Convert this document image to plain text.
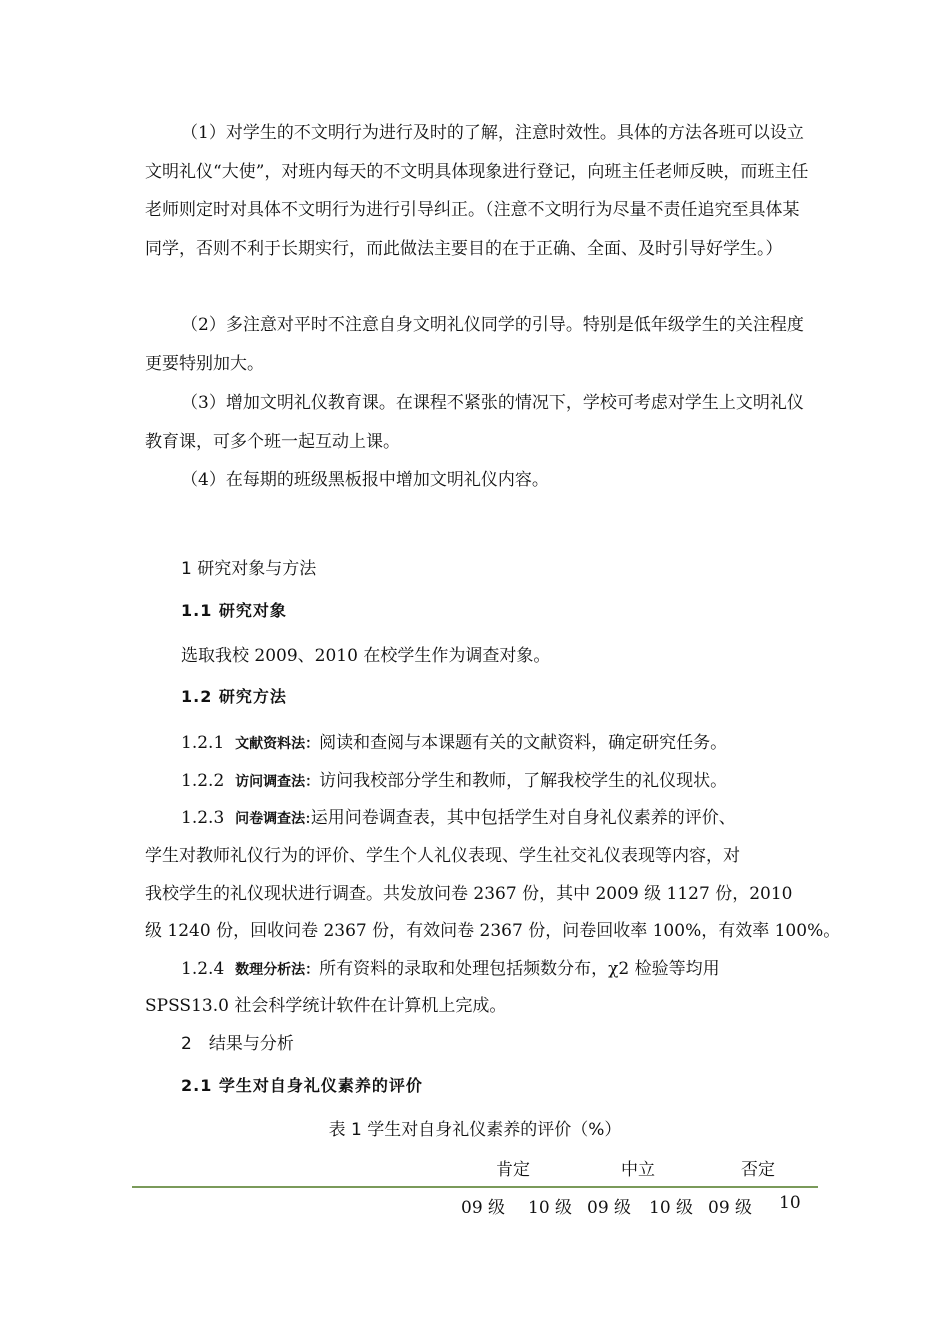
（1）对学生的不文明行为进行及时的了解，注意时效性。具体的方法各班可以设立文明礼仪“大使”，对班内每天的不文明具体现象进行登记，向班主任老师反映，而班主任老师则定时对具体不文明行为进行引导纠正。（注意不文明行为尽量不责任追究至具体某同学，否则不利于长期实行，而此做法主要目的在于正确、全面、及时引导好学生。）

（2）多注意对平时不注意自身文明礼仪同学的引导。特别是低年级学生的关注程度更要特别加大。

（3）增加文明礼仪教育课。在课程不紧张的情况下，学校可考虑对学生上文明礼仪教育课，可多个班一起互动上课。

（4）在每期的班级黑板报中增加文明礼仪内容。

1 研究对象与方法

1.1 研究对象

选取我校 2009、2010 在校学生作为调查对象。

1.2 研究方法

1.2.1 文献资料法：阅读和查阅与本课题有关的文献资料，确定研究任务。

1.2.2 访问调查法：访问我校部分学生和教师，了解我校学生的礼仪现状。

1.2.3 问卷调查法:运用问卷调查表，其中包括学生对自身礼仪素养的评价、

学生对教师礼仪行为的评价、学生个人礼仪表现、学生社交礼仪表现等内容，对

我校学生的礼仪现状进行调查。共发放问卷 2367 份，其中 2009 级 1127 份，2010

级 1240 份，回收问卷 2367 份，有效问卷 2367 份，问卷回收率 100%，有效率 100%。

1.2.4 数理分析法：所有资料的录取和处理包括频数分布，χ2 检验等均用

SPSS13.0 社会科学统计软件在计算机上完成。

2　结果与分析

2.1 学生对自身礼仪素养的评价

表 1 学生对自身礼仪素养的评价（%）

肯定	中立	否定

09 级 10 级 09 级 10 级 09 级 10
